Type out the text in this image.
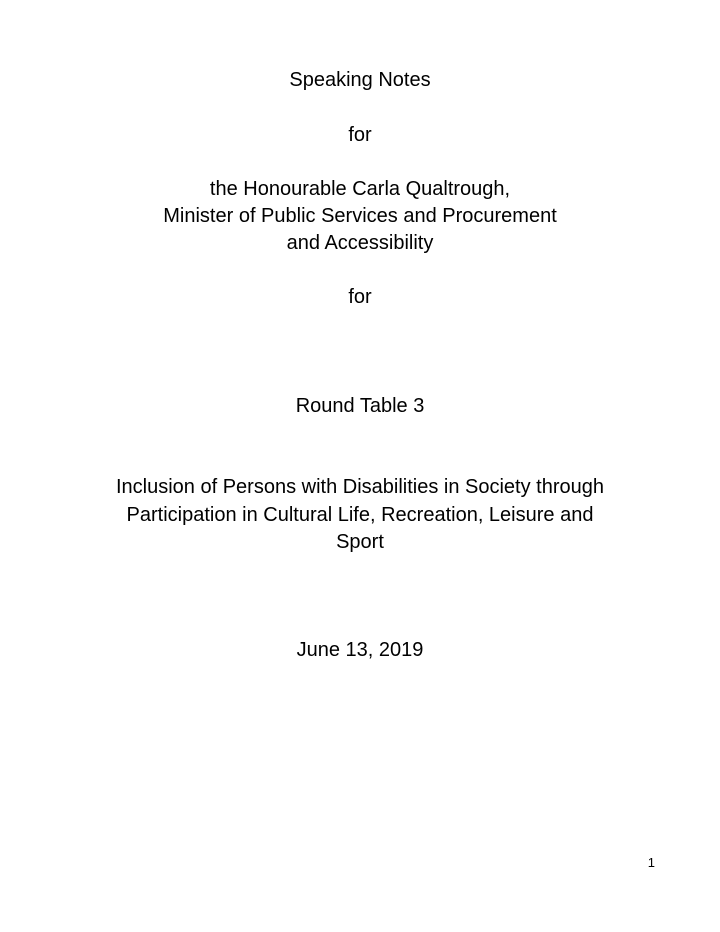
Speaking Notes
for
the Honourable Carla Qualtrough,
Minister of Public Services and Procurement
and Accessibility
for
Round Table 3
Inclusion of Persons with Disabilities in Society through
Participation in Cultural Life, Recreation, Leisure and
Sport
June 13, 2019
1
